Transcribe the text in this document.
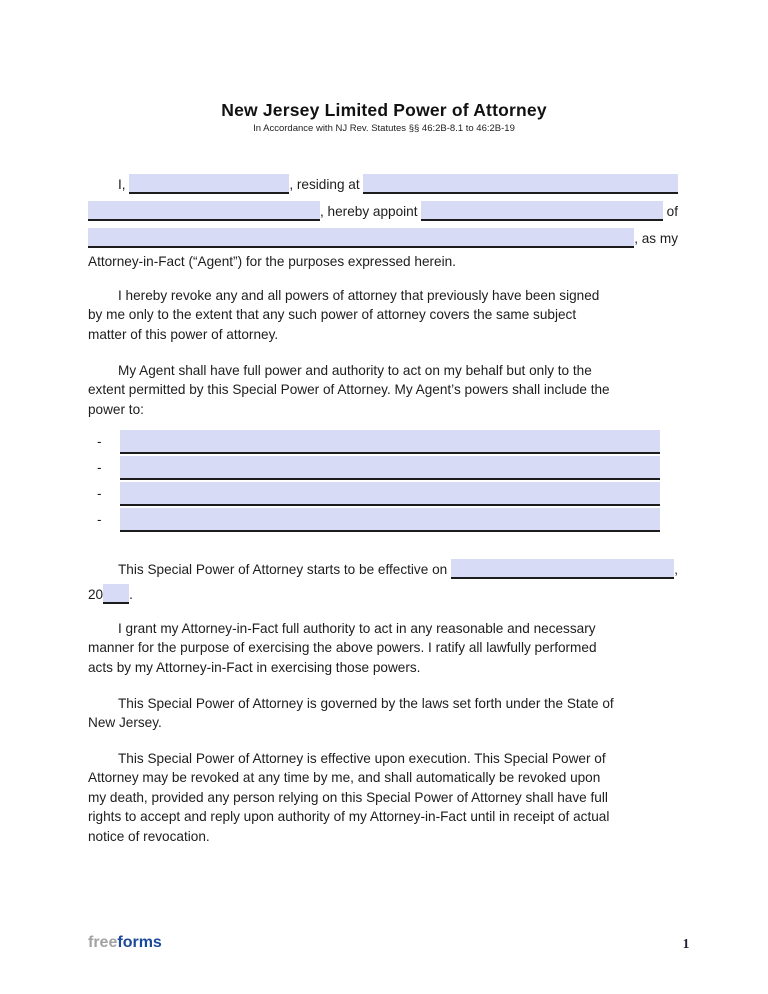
New Jersey Limited Power of Attorney
In Accordance with NJ Rev. Statutes §§ 46:2B-8.1 to 46:2B-19
I,	, residing at
, hereby appoint	of
, as my
Attorney-in-Fact (“Agent”) for the purposes expressed herein.
I hereby revoke any and all powers of attorney that previously have been signed
by me only to the extent that any such power of attorney covers the same subject
matter of this power of attorney.
My Agent shall have full power and authority to act on my behalf but only to the
extent permitted by this Special Power of Attorney. My Agent’s powers shall include the
power to:
-
-
-
-
This Special Power of Attorney starts to be effective on	,
20 .
I grant my Attorney-in-Fact full authority to act in any reasonable and necessary
manner for the purpose of exercising the above powers. I ratify all lawfully performed
acts by my Attorney-in-Fact in exercising those powers.
This Special Power of Attorney is governed by the laws set forth under the State of
New Jersey.
This Special Power of Attorney is effective upon execution. This Special Power of
Attorney may be revoked at any time by me, and shall automatically be revoked upon
my death, provided any person relying on this Special Power of Attorney shall have full
rights to accept and reply upon authority of my Attorney-in-Fact until in receipt of actual
notice of revocation.
freeforms	1
